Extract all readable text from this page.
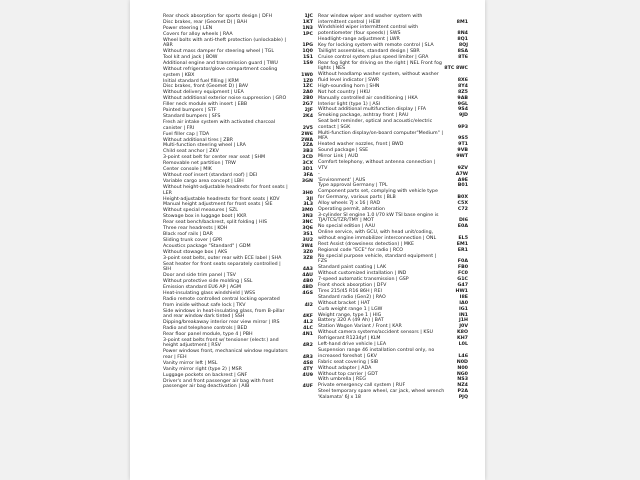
Rear shock absorption for sports design | DFH	1JC
Disc brakes, rear (Geomet D) | BAH	1KT
Power steering | LEN	1N3
Covers for alloy wheels | RAA	1PC
Wheel bolts with anti-theft protection (unlockable) | ABR	1PG
Without mass damper for steering wheel | TGL	1Q0
Tool kit and jack | BOW	1S1
Additional engine and transmission guard | TWU	1S9
Without refrigerator/glove compartment cooling system | KBX	1W0
Initial standard fuel filling | KRM	1Z0
Disc brakes, front (Geomet D) | BAV	1ZC
Without delivery equipment | UEA	2A0
Without additional exterior noise suppression | GRO	2B0
Filler neck module with insert | EBB	2G7
Painted bumpers | STF	2JF
Standard bumpers | SFS	2K4
Fresh air intake system with activated charcoal canister | FRI	2V5
Fuel filler cap | TDA	2W6
Without additional tires | ZBR	2WA
Multi-function steering wheel | LRA	2ZA
Child seat anchor | ZKV	3B3
3-point seat belt for center rear seat | SHM	3CD
Removable net partition | TRW	3CX
Center console | MIK	3D1
Without roof insert (standard roof) | DEI	3FA
Variable cargo area concept | LBH	3GN
Without height-adjustable headrests for front seats | LER	3H0
Height-adjustable headrests for front seats | KOV	3JI
Manual height adjustment for front seats | SIE	3L3
Without special measures | SZL	3M0
Stowage box in luggage boot | KKR	3N3
Rear seat bench/backrest, split folding | HIS	3NC
Three rear headrests | KOH	3Q6
Black roof rails | DAR	3S1
Sliding trunk cover | GPR	3U2
Acoustics package "Standard" | GDM	3W4
Without stowage box | AKS	3Z0
3-point seat belts, outer rear with ECE label | SHA	3Z8
Seat heater for front seats separately controlled | SIH	4A3
Door and side trim panel | TSV	4AU
Without protective side molding | SSL	4B0
Emission standard EU6 AP | AGM	4BD
Heat-insulating glass windshield | WSS	4GS
Radio remote controlled central locking operated from inside without safe lock | TKV	4I2
Side windows in heat-insulating glass, from B-pillar and rear window dark tinted | SSH	4KF
Dipping/breakaway interior rear view mirror | IRS	4L2
Radio and telephone controls | BED	4LC
Rear floor panel module, type 4 | PBH	4N1
3-point seat belts front w/ tensioner (electr.) and height adjustment | RSV	4R2
Power windows front, mechanical window regulators rear | FEH	4R3
Vanity mirror left | MSL	4S8
Vanity mirror right (type 2) | MSR	4TY
Luggage pockets on backrest | GNF	4U9
Driver's and front passenger air bag with front passenger air bag deactivation | AIB	4UF
Rear window wiper and washer system with intermittent control | HEW	8M1
Windshield wiper intermittent control with potentiometer (four speeds) | SWS	8N4
Headlight-range adjustment | LWR	8Q1
Key for locking system with remote control | SLA	8QJ
Taillight assemblies, standard design | SBR	8SA
Cruise control system plus speed limiter | GRA	8T6
Rear fog light for driving on the right | NEL Front fog lights | NES	8TC 8WC
Without headlamp washer system, without washer fluid level indicator | SWR	8X6
High-sounding horn | SHN	8Y4
Not hot country | HKU	8Z5
Manually controlled air conditioning | HKA	9AB
Interior light (type 1) | ASI	9GL
Without additional multifunction display | FFA	9S4
Smoking package, ashtray front | RAU	9JD
Seat belt reminder, optical and acoustic/electric contact | SGK	9P3
Multi-function display/on-board computer"Medium" | MFA	9S5
Heated washer nozzles, front | BWD	9T1
Sound package | SSE	9VB
Mirror Link | AUD	9WT
Comfort telephony, without antenna connection | VTV	9ZV
-	A7W
'Environment' | AUS	A9E
Type approval Germany | TPL	B01
Component parts set, complying with vehicle type for Germany, various parts | BLB	B0X
Alloy wheels 7J x 16 | RAD	C5X
Operating permit, alteration	C72
3-cylinder SI engine 1.0 l/70 kW TSI base engine is TJA/TCS/TZR/TMY | MOT	DI6
No special edition | AAU	E0A
Online service, with GCU, with head unit/coding, without engine immobilizer interconnection | ONL	EL5
Rest Assist (drowsiness detection) | MKE	EM1
Regional code "ECE" for radio | RCO	ER1
No special purpose vehicle, standard equipment | FZS	F0A
Standard paint coating | LAK	FB0
Without customized installation | IND	FC0
7-speed automatic transmission | GSP	G1C
Front shock absorption | DFV	G47
Tires 215/45 R16 86H | REI	HW1
Standard radio (Gen2) | RAO	I8E
Without bracket | HAT	IA0
Curb weight range 1 | LGW	IG1
Weight range, type 1 | HIG	IN1
Battery 320 A (49 Ah) | BAT	J1H
Station Wagon Variant / Front | KAR	J0V
Without camera systems/accident sensors | KSU	K8O
Refrigerant R1234yf | KLM	KH7
Left-hand drive vehicle | LEA	L0L
Suspension range 46 installation control only, no increased foreshot | GKV	L46
Fabric seat covering | SIB	N0D
Without adapter | ADA	N00
Without top carrier | GDT	NG0
With umbrella | REG	NS3
Private emergency call system | RUF	NZ4
Steel temporary spare wheel, car jack, wheel wrench	P2A
'Kalamata' 6J x 18	PJQ
